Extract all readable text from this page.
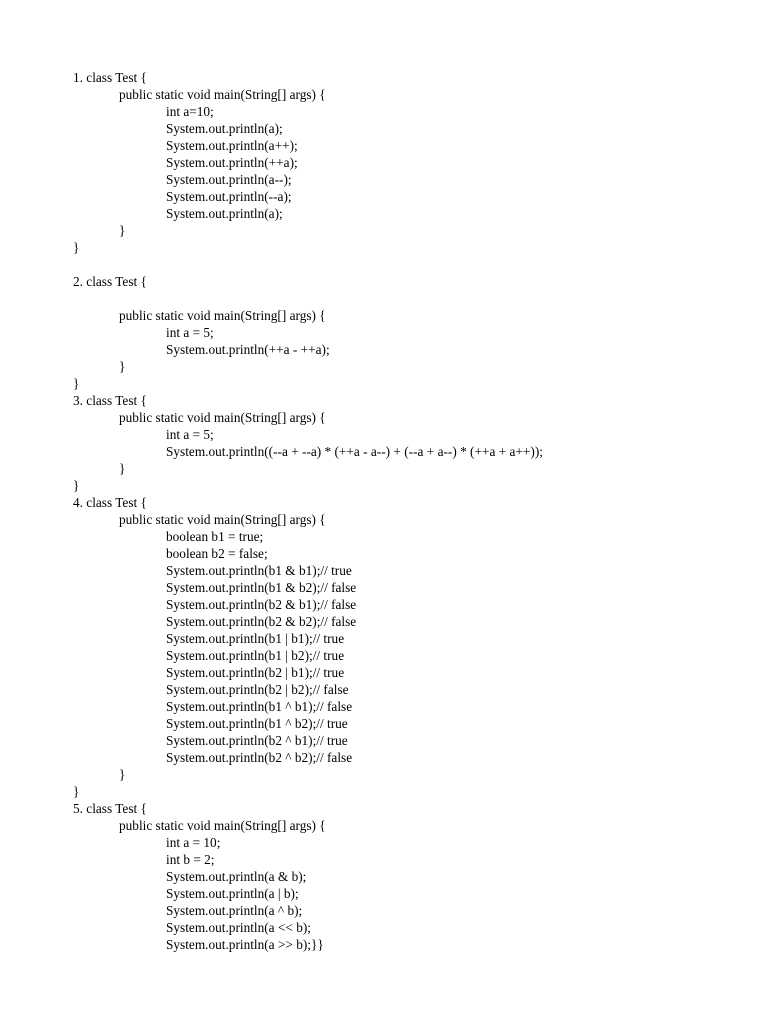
1. class Test {
public static void main(String[] args) {
int a=10;
System.out.println(a);
System.out.println(a++);
System.out.println(++a);
System.out.println(a--);
System.out.println(--a);
System.out.println(a);
}
}
2. class Test {
public static void main(String[] args) {
int a = 5;
System.out.println(++a - ++a);
}
}
3. class Test {
public static void main(String[] args) {
int a = 5;
System.out.println((--a + --a) * (++a - a--) + (--a + a--) * (++a + a++));
}
}
4. class Test {
public static void main(String[] args) {
boolean b1 = true;
boolean b2 = false;
System.out.println(b1 & b1);// true
System.out.println(b1 & b2);// false
System.out.println(b2 & b1);// false
System.out.println(b2 & b2);// false
System.out.println(b1 | b1);// true
System.out.println(b1 | b2);// true
System.out.println(b2 | b1);// true
System.out.println(b2 | b2);// false
System.out.println(b1 ^ b1);// false
System.out.println(b1 ^ b2);// true
System.out.println(b2 ^ b1);// true
System.out.println(b2 ^ b2);// false
}
}
5. class Test {
public static void main(String[] args) {
int a = 10;
int b = 2;
System.out.println(a & b);
System.out.println(a | b);
System.out.println(a ^ b);
System.out.println(a << b);
System.out.println(a >> b);}}
